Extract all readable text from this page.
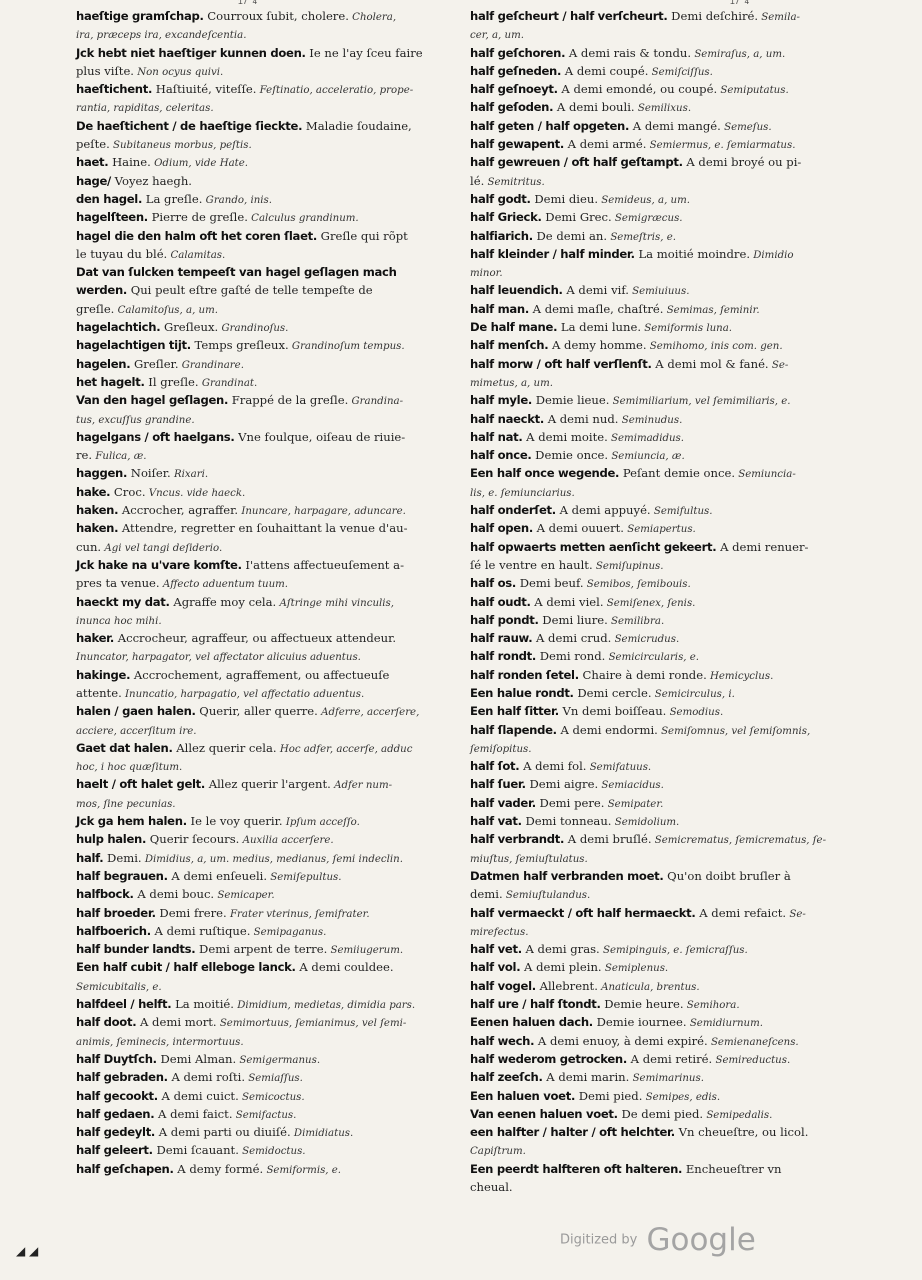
17 4	17 4
haeſtige gramſchap. Courroux ſubit, cholere. Cholera,
ira, præceps ira, excandeſcentia.
Jck hebt niet haeſtiger kunnen doen. Ie ne l'ay ſceu faire
plus viſte. Non ocyus quivi.
haeſtichent. Haſtiuité, viteſſe. Feſtinatio, acceleratio, prope-
rantia, rapiditas, celeritas.
De haeſtichent / de haeſtige ſieckte. Maladie ſoudaine,
peſte. Subitaneus morbus, peſtis.
haet. Haine. Odium, vide Hate.
hage/ Voyez haegh.
den hagel. La greſle. Grando, inis.
hagelſteen. Pierre de greſle. Calculus grandinum.
hagel die den halm oft het coren ſlaet. Greſle qui rõpt
le tuyau du blé. Calamitas.
Dat van ſulcken tempeeſt van hagel geſlagen mach
werden. Qui peult eſtre gaſté de telle tempeſte de
greſle. Calamitoſus, a, um.
hagelachtich. Greſleux. Grandinoſus.
hagelachtigen tijt. Temps greſleux. Grandinoſum tempus.
hagelen. Greſler. Grandinare.
het hagelt. Il greſle. Grandinat.
Van den hagel geſlagen. Frappé de la greſle. Grandina-
tus, excuſſus grandine.
hagelgans / oft haelgans. Vne foulque, oiſeau de riuie-
re. Fulica, æ.
haggen. Noiſer. Rixari.
hake. Croc. Vncus. vide haeck.
haken. Accrocher, agraffer. Inuncare, harpagare, aduncare.
haken. Attendre, regretter en ſouhaittant la venue d'au-
cun. Agi vel tangi deſiderio.
Jck hake na u'vare komſte. I'attens affectueuſement a-
pres ta venue. Affecto aduentum tuum.
haeckt my dat. Agraffe moy cela. Aſtringe mihi vinculis,
inunca hoc mihi.
haker. Accrocheur, agraffeur, ou affectueux attendeur.
Inuncator, harpagator, vel affectator alicuius aduentus.
hakinge. Accrochement, agraffement, ou affectueuſe
attente. Inuncatio, harpagatio, vel affectatio aduentus.
halen / gaen halen. Querir, aller querre. Adferre, accerſere,
acciere, accerſitum ire.
Gaet dat halen. Allez querir cela. Hoc adfer, accerſe, adduc
hoc, i hoc quæſitum.
haelt / oft halet gelt. Allez querir l'argent. Adfer num-
mos, ſine pecunias.
Jck ga hem halen. Ie le voy querir. Ipſum acceſſo.
hulp halen. Querir ſecours. Auxilia accerſere.
half. Demi. Dimidius, a, um. medius, medianus, ſemi indeclin.
half begrauen. A demi enſeueli. Semiſepultus.
halfbock. A demi bouc. Semicaper.
half broeder. Demi frere. Frater vterinus, ſemifrater.
halfboerich. A demi ruſtique. Semipaganus.
half bunder landts. Demi arpent de terre. Semiiugerum.
Een half cubit / half elleboge lanck. A demi couldee.
Semicubitalis, e.
halfdeel / helft. La moitié. Dimidium, medietas, dimidia pars.
half doot. A demi mort. Semimortuus, ſemianimus, vel ſemi-
animis, ſeminecis, intermortuus.
half Duytſch. Demi Alman. Semigermanus.
half gebraden. A demi roſti. Semiaſſus.
half gecookt. A demi cuict. Semicoctus.
half gedaen. A demi faict. Semifactus.
half gedeylt. A demi parti ou diuiſé. Dimidiatus.
half gelеert. Demi ſcauant. Semidoctus.
half geſchapen. A demy formé. Semiformis, e.
half geſcheurt / half verſcheurt. Demi deſchiré. Semila-
cer, a, um.
half geſchoren. A demi rais & tondu. Semiraſus, a, um.
half geſneden. A demi coupé. Semiſciſſus.
half geſnoeyt. A demi emondé, ou coupé. Semiputatus.
half geſoden. A demi bouli. Semilixus.
half geten / half opgeten. A demi mangé. Semeſus.
half gewapent. A demi armé. Semiermus, e. ſemiarmatus.
half gewreuen / oft half geſtampt. A demi broyé ou pi-
lé. Semitritus.
half godt. Demi dieu. Semideus, a, um.
half Grieck. Demi Grec. Semigræcus.
halfiarich. De demi an. Semeſtris, e.
half kleinder / half minder. La moitié moindre. Dimidio
minor.
half leuendich. A demi vif. Semiuiuus.
half man. A demi maſle, chaſtré. Semimas, ſeminir.
De half mane. La demi lune. Semiformis luna.
half menſch. A demy homme. Semihomo, inis com. gen.
half morw / oft half verſlenſt. A demi mol & fané. Se-
mimetus, a, um.
half myle. Demie lieue. Semimiliarium, vel ſemimiliaris, e.
half naeckt. A demi nud. Seminudus.
half nat. A demi moite. Semimadidus.
half once. Demie once. Semiuncia, æ.
Een half once wegende. Peſant demie once. Semiuncia-
lis, e. ſemiunciarius.
half onderſet. A demi appuyé. Semifultus.
half open. A demi ouuert. Semiapertus.
half opwaerts metten aenſicht gekeert. A demi renuer-
ſé le ventre en hault. Semiſupinus.
half os. Demi beuf. Semibos, ſemibouis.
half oudt. A demi viel. Semiſenex, ſenis.
half pondt. Demi liure. Semilibra.
half rauw. A demi crud. Semicrudus.
half rondt. Demi rond. Semicircularis, e.
half ronden ſetel. Chaire à demi ronde. Hemicyclus.
Een halue rondt. Demi cercle. Semicirculus, i.
Een half ſitter. Vn demi boiſſeau. Semodius.
half ſlapende. A demi endormi. Semiſomnus, vel ſemiſomnis,
ſemiſopitus.
half ſot. A demi fol. Semifatuus.
half ſuer. Demi aigre. Semiacidus.
half vader. Demi pere. Semipater.
half vat. Demi tonneau. Semidolium.
half verbrandt. A demi bruſlé. Semicrematus, ſemicrematus, ſe-
miuſtus, ſemiuſtulatus.
Datmen half verbranden moet. Qu'on doibt bruſler à
demi. Semiuſtulandus.
half vermaeckt / oft half hermaeckt. A demi refaict. Se-
mirefectus.
half vet. A demi gras. Semipinguis, e. ſemicraſſus.
half vol. A demi plein. Semiplenus.
half vogel. Allebrent. Anaticula, brentus.
half ure / half ſtondt. Demie heure. Semihora.
Eenen haluen dach. Demie iournee. Semidiurnum.
half wech. A demi enuoy, à demi expiré. Semienaneſcens.
half wederom getrocken. A demi retiré. Semireductus.
half zeeſch. A demi marin. Semimarinus.
Een haluen voet. Demi pied. Semipes, edis.
Van eenen haluen voet. De demi pied. Semipedalis.
een halfter / halter / oft helchter. Vn cheueſtre, ou licol.
Capiſtrum.
Een peerdt halfteren oft halteren. Encheueſtrer vn
cheual.
◢ ◢
Digitized by Google
